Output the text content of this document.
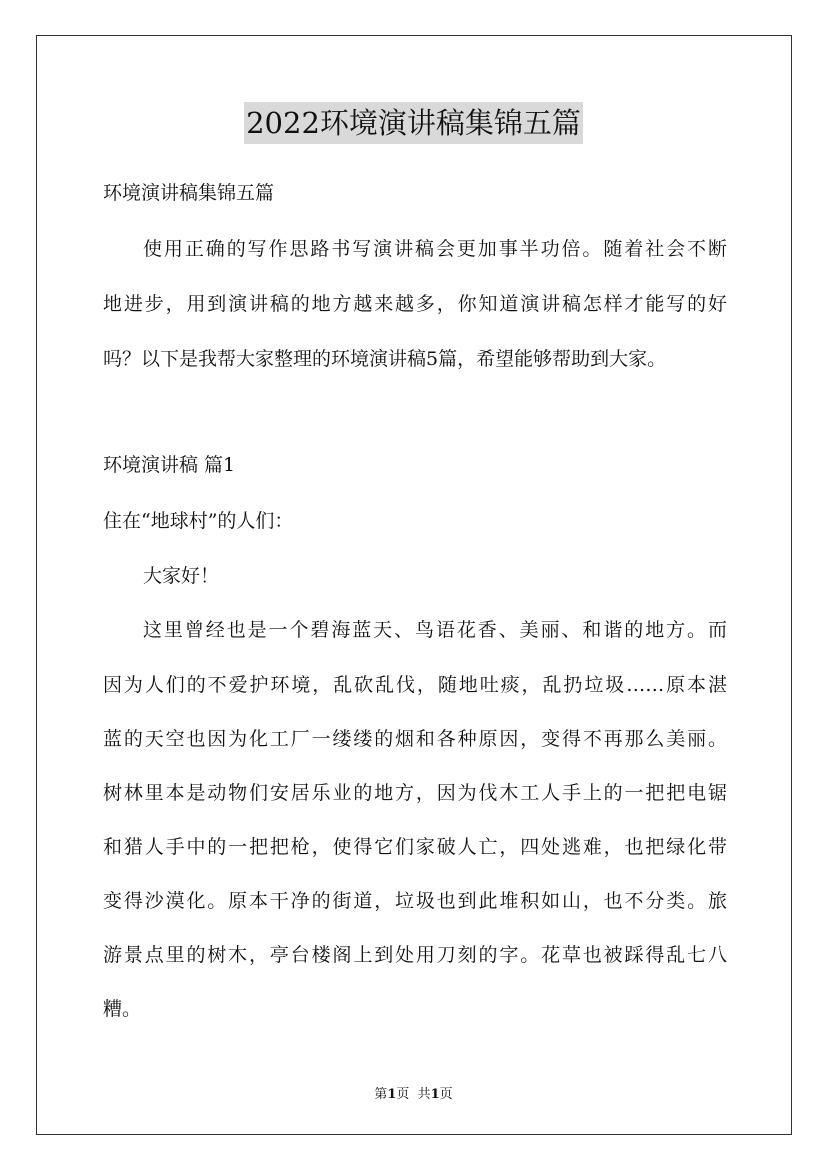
2022环境演讲稿集锦五篇
环境演讲稿集锦五篇
使用正确的写作思路书写演讲稿会更加事半功倍。随着社会不断
地进步，用到演讲稿的地方越来越多，你知道演讲稿怎样才能写的好
吗？以下是我帮大家整理的环境演讲稿5篇，希望能够帮助到大家。
环境演讲稿 篇1
住在“地球村”的人们：
大家好！
这里曾经也是一个碧海蓝天、鸟语花香、美丽、和谐的地方。而
因为人们的不爱护环境，乱砍乱伐，随地吐痰，乱扔垃圾……原本湛
蓝的天空也因为化工厂一缕缕的烟和各种原因，变得不再那么美丽。
树林里本是动物们安居乐业的地方，因为伐木工人手上的一把把电锯
和猎人手中的一把把枪，使得它们家破人亡，四处逃难，也把绿化带
变得沙漠化。原本干净的街道，垃圾也到此堆积如山，也不分类。旅
游景点里的树木，亭台楼阁上到处用刀刻的字。花草也被踩得乱七八
糟。
第1页  共1页
